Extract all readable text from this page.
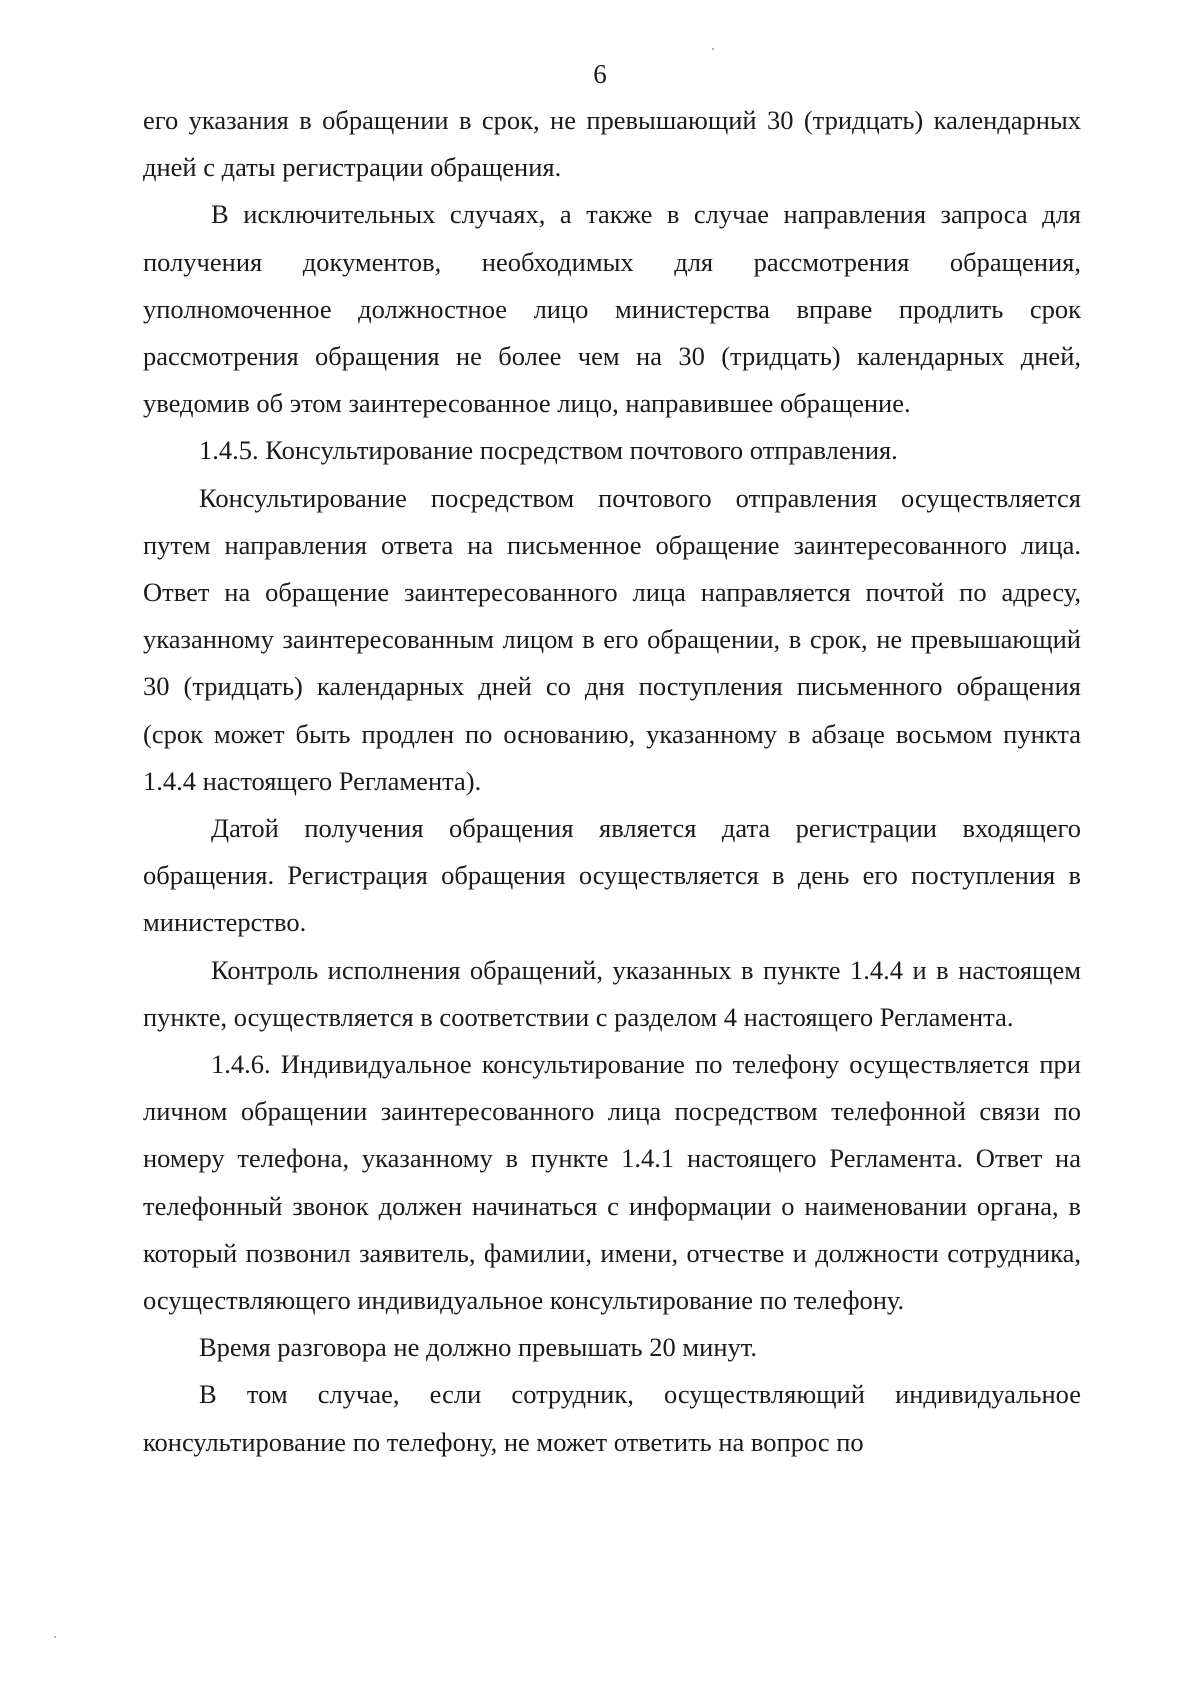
6

его указания в обращении в срок, не превышающий 30 (тридцать) календарных дней с даты регистрации обращения.

В исключительных случаях, а также в случае направления запроса для получения документов, необходимых для рассмотрения обращения, уполномоченное должностное лицо министерства вправе продлить срок рассмотрения обращения не более чем на 30 (тридцать) календарных дней, уведомив об этом заинтересованное лицо, направившее обращение.

1.4.5. Консультирование посредством почтового отправления.

Консультирование посредством почтового отправления осуществляется путем направления ответа на письменное обращение заинтересованного лица. Ответ на обращение заинтересованного лица направляется почтой по адресу, указанному заинтересованным лицом в его обращении, в срок, не превышающий 30 (тридцать) календарных дней со дня поступления письменного обращения (срок может быть продлен по основанию, указанному в абзаце восьмом пункта 1.4.4 настоящего Регламента).

Датой получения обращения является дата регистрации входящего обращения. Регистрация обращения осуществляется в день его поступления в министерство.

Контроль исполнения обращений, указанных в пункте 1.4.4 и в настоящем пункте, осуществляется в соответствии с разделом 4 настоящего Регламента.

1.4.6. Индивидуальное консультирование по телефону осуществляется при личном обращении заинтересованного лица посредством телефонной связи по номеру телефона, указанному в пункте 1.4.1 настоящего Регламента. Ответ на телефонный звонок должен начинаться с информации о наименовании органа, в который позвонил заявитель, фамилии, имени, отчестве и должности сотрудника, осуществляющего индивидуальное консультирование по телефону.

Время разговора не должно превышать 20 минут.

В том случае, если сотрудник, осуществляющий индивидуальное консультирование по телефону, не может ответить на вопрос по
